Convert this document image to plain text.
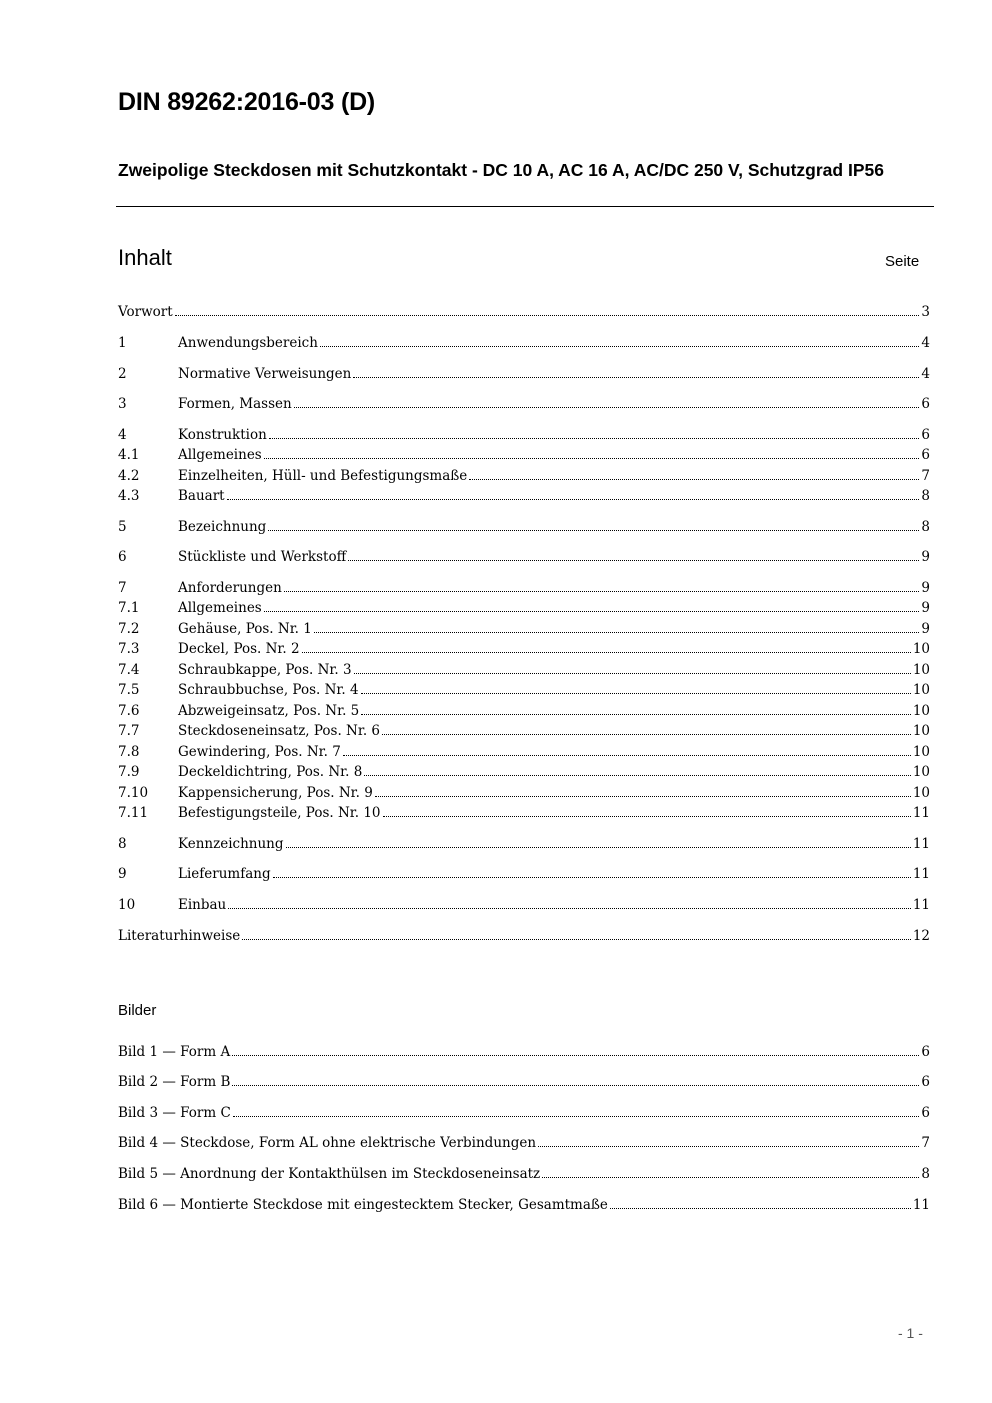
DIN 89262:2016-03 (D)
Zweipolige Steckdosen mit Schutzkontakt - DC 10 A, AC 16 A, AC/DC 250 V, Schutzgrad IP56
Inhalt	Seite
Vorwort	3
1	Anwendungsbereich	4
2	Normative Verweisungen	4
3	Formen, Massen	6
4	Konstruktion	6
4.1	Allgemeines	6
4.2	Einzelheiten, Hüll- und Befestigungsmaße	7
4.3	Bauart	8
5	Bezeichnung	8
6	Stückliste und Werkstoff	9
7	Anforderungen	9
7.1	Allgemeines	9
7.2	Gehäuse, Pos. Nr. 1	9
7.3	Deckel, Pos. Nr. 2	10
7.4	Schraubkappe, Pos. Nr. 3	10
7.5	Schraubbuchse, Pos. Nr. 4	10
7.6	Abzweigeinsatz, Pos. Nr. 5	10
7.7	Steckdoseneinsatz, Pos. Nr. 6	10
7.8	Gewindering, Pos. Nr. 7	10
7.9	Deckeldichtring, Pos. Nr. 8	10
7.10	Kappensicherung, Pos. Nr. 9	10
7.11	Befestigungsteile, Pos. Nr. 10	11
8	Kennzeichnung	11
9	Lieferumfang	11
10	Einbau	11
Literaturhinweise	12
Bilder
Bild 1 — Form A	6
Bild 2 — Form B	6
Bild 3 — Form C	6
Bild 4 — Steckdose, Form AL ohne elektrische Verbindungen	7
Bild 5 — Anordnung der Kontakthülsen im Steckdoseneinsatz	8
Bild 6 — Montierte Steckdose mit eingestecktem Stecker, Gesamtmaße	11
- 1 -
